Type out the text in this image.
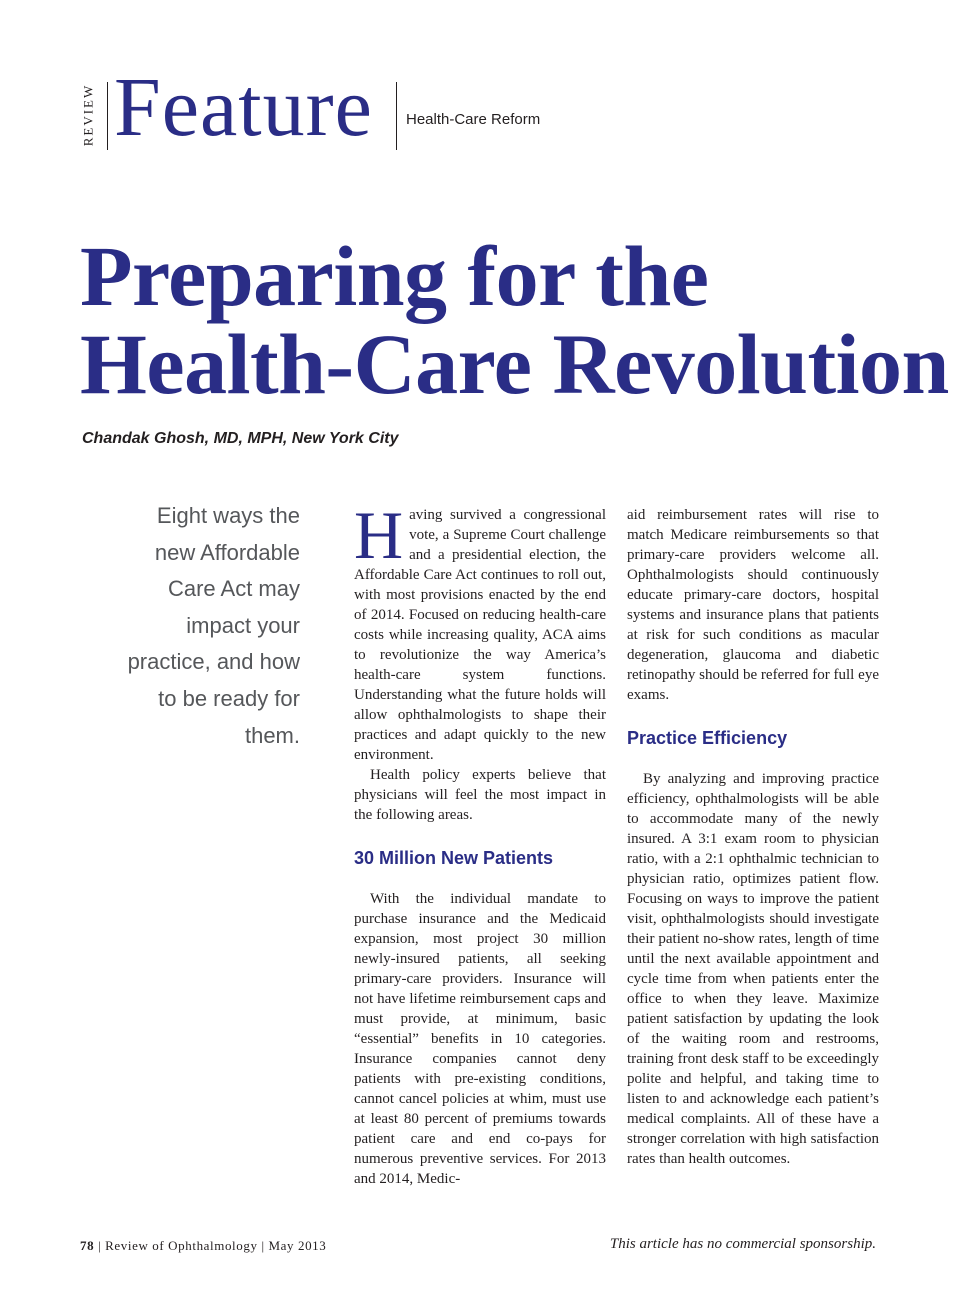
REVIEW Feature Health-Care Reform
Preparing for the
Health-Care Revolution
Chandak Ghosh, MD, MPH, New York City
Eight ways the
new Affordable
Care Act may
impact your
practice, and how
to be ready for
them.

Having survived a congressional vote, a Supreme Court challenge and a presidential election, the Affordable Care Act continues to roll out, with most provisions enacted by the end of 2014. Focused on reducing health-care costs while increasing quality, ACA aims to revolutionize the way America’s health-care system functions. Understanding what the future holds will allow ophthalmologists to shape their practices and adapt quickly to the new environment.

Health policy experts believe that physicians will feel the most impact in the following areas.

30 Million New Patients

With the individual mandate to purchase insurance and the Medicaid expansion, most project 30 million newly-insured patients, all seeking primary-care providers. Insurance will not have lifetime reimbursement caps and must provide, at minimum, basic “essential” benefits in 10 categories. Insurance companies cannot deny patients with pre-existing conditions, cannot cancel policies at whim, must use at least 80 percent of premiums towards patient care and end co-pays for numerous preventive services. For 2013 and 2014, Medic-

aid reimbursement rates will rise to match Medicare reimbursements so that primary-care providers welcome all. Ophthalmologists should continuously educate primary-care doctors, hospital systems and insurance plans that patients at risk for such conditions as macular degeneration, glaucoma and diabetic retinopathy should be referred for full eye exams.

Practice Efficiency

By analyzing and improving practice efficiency, ophthalmologists will be able to accommodate many of the newly insured. A 3:1 exam room to physician ratio, with a 2:1 ophthalmic technician to physician ratio, optimizes patient flow. Focusing on ways to improve the patient visit, ophthalmologists should investigate their patient no-show rates, length of time until the next available appointment and cycle time from when patients enter the office to when they leave. Maximize patient satisfaction by updating the look of the waiting room and restrooms, training front desk staff to be exceedingly polite and helpful, and taking time to listen to and acknowledge each patient’s medical complaints. All of these have a stronger correlation with high satisfaction rates than health outcomes.

78 | Review of Ophthalmology | May 2013	This article has no commercial sponsorship.
